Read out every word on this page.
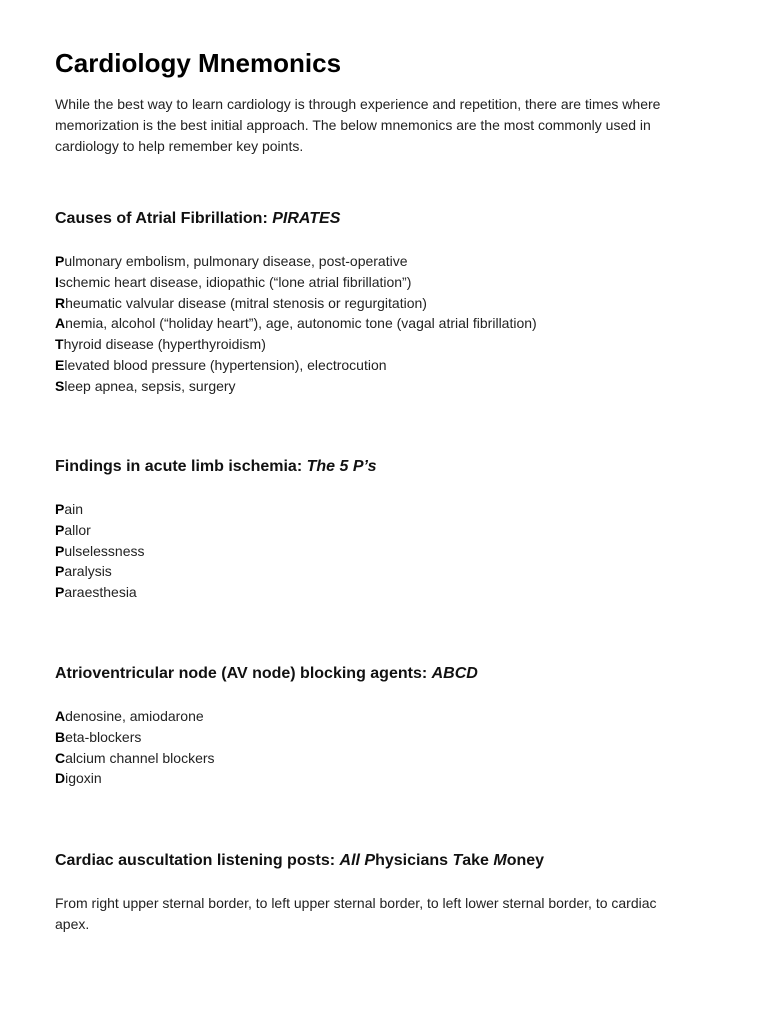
Cardiology Mnemonics

While the best way to learn cardiology is through experience and repetition, there are times where memorization is the best initial approach. The below mnemonics are the most commonly used in cardiology to help remember key points.

Causes of Atrial Fibrillation: PIRATES
Pulmonary embolism, pulmonary disease, post-operative
Ischemic heart disease, idiopathic (“lone atrial fibrillation”)
Rheumatic valvular disease (mitral stenosis or regurgitation)
Anemia, alcohol (“holiday heart”), age, autonomic tone (vagal atrial fibrillation)
Thyroid disease (hyperthyroidism)
Elevated blood pressure (hypertension), electrocution
Sleep apnea, sepsis, surgery
Findings in acute limb ischemia: The 5 P’s
Pain
Pallor
Pulselessness
Paralysis
Paraesthesia
Atrioventricular node (AV node) blocking agents: ABCD
Adenosine, amiodarone
Beta-blockers
Calcium channel blockers
Digoxin
Cardiac auscultation listening posts: All Physicians Take Money

From right upper sternal border, to left upper sternal border, to left lower sternal border, to cardiac apex.
